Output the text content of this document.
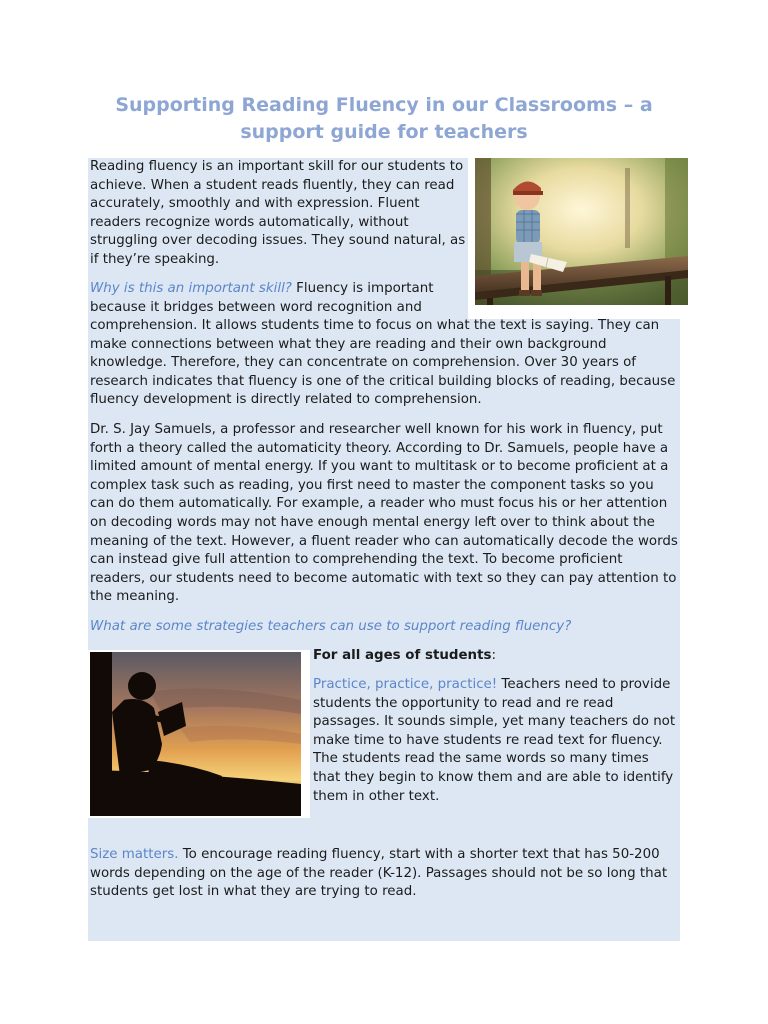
Supporting Reading Fluency in our Classrooms – a support guide for teachers

Reading fluency is an important skill for our students to achieve. When a student reads fluently, they can read accurately, smoothly and with expression. Fluent readers recognize words automatically, without struggling over decoding issues. They sound natural, as if they’re speaking.

Why is this an important skill? Fluency is important because it bridges between word recognition and

comprehension. It allows students time to focus on what the text is saying. They can make connections between what they are reading and their own background knowledge. Therefore, they can concentrate on comprehension. Over 30 years of research indicates that fluency is one of the critical building blocks of reading, because fluency development is directly related to comprehension.

Dr. S. Jay Samuels, a professor and researcher well known for his work in fluency, put forth a theory called the automaticity theory. According to Dr. Samuels, people have a limited amount of mental energy. If you want to multitask or to become proficient at a complex task such as reading, you first need to master the component tasks so you can do them automatically. For example, a reader who must focus his or her attention on decoding words may not have enough mental energy left over to think about the meaning of the text. However, a fluent reader who can automatically decode the words can instead give full attention to comprehending the text. To become proficient readers, our students need to become automatic with text so they can pay attention to the meaning.

What are some strategies teachers can use to support reading fluency?

For all ages of students:

Practice, practice, practice! Teachers need to provide students the opportunity to read and re read passages. It sounds simple, yet many teachers do not make time to have students re read text for fluency. The students read the same words so many times that they begin to know them and are able to identify them in other text.

Size matters. To encourage reading fluency, start with a shorter text that has 50-200 words depending on the age of the reader (K-12). Passages should not be so long that students get lost in what they are trying to read.
